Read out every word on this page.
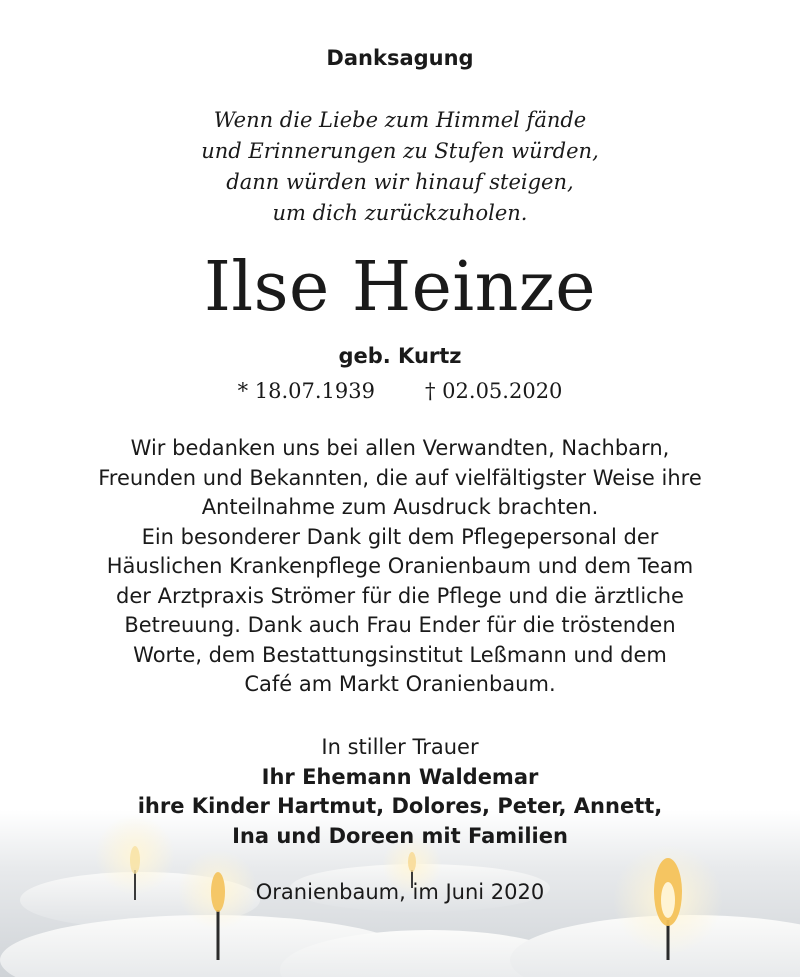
Danksagung
Wenn die Liebe zum Himmel fände
und Erinnerungen zu Stufen würden,
dann würden wir hinauf steigen,
um dich zurückzuholen.
Ilse Heinze
geb. Kurtz
* 18.07.1939 † 02.05.2020
Wir bedanken uns bei allen Verwandten, Nachbarn,
Freunden und Bekannten, die auf vielfältigster Weise ihre
Anteilnahme zum Ausdruck brachten.
Ein besonderer Dank gilt dem Pflegepersonal der
Häuslichen Krankenpflege Oranienbaum und dem Team
der Arztpraxis Strömer für die Pflege und die ärztliche
Betreuung. Dank auch Frau Ender für die tröstenden
Worte, dem Bestattungsinstitut Leßmann und dem
Café am Markt Oranienbaum.
In stiller Trauer
Ihr Ehemann Waldemar
ihre Kinder Hartmut, Dolores, Peter, Annett,
Ina und Doreen mit Familien
Oranienbaum, im Juni 2020
